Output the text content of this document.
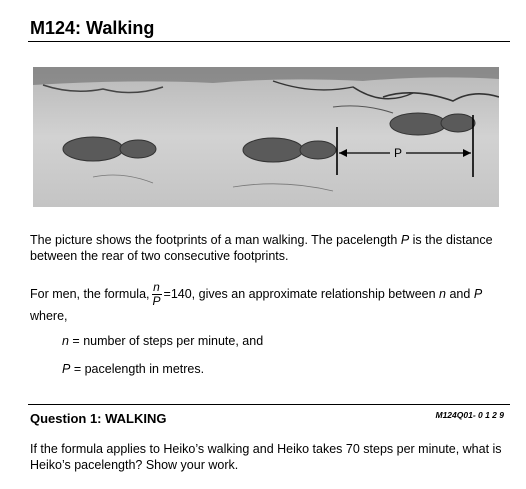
M124: Walking
P
The picture shows the footprints of a man walking. The pacelength P is the distance between the rear of two consecutive footprints.
For men, the formula, $\frac{n}{P} =140$, gives an approximate relationship between n and P
where,
n = number of steps per minute, and
P = pacelength in metres.
Question 1: WALKING	M124Q01- 0 1 2 9
If the formula applies to Heiko’s walking and Heiko takes 70 steps per minute, what is Heiko’s pacelength? Show your work.
